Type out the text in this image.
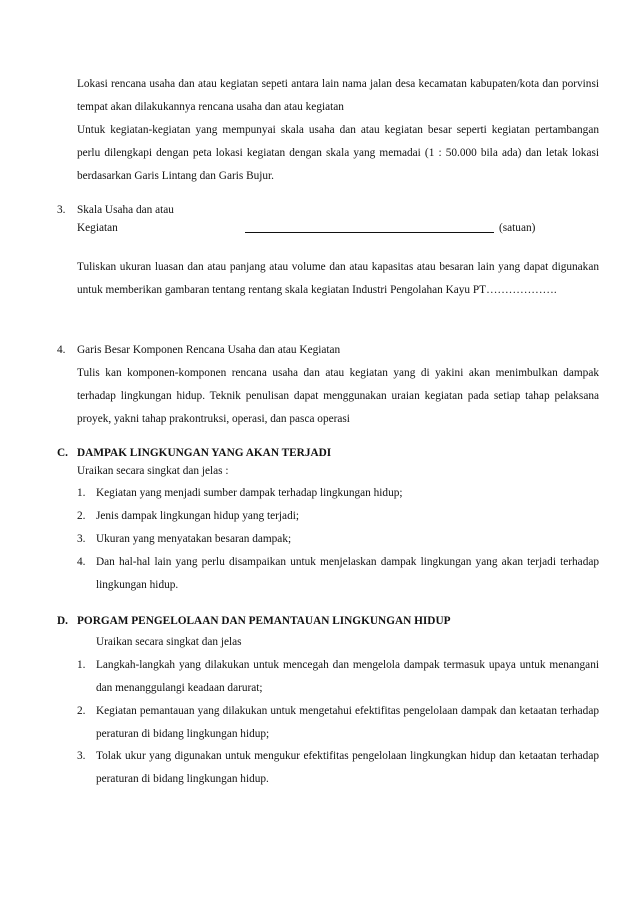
Lokasi rencana usaha dan atau kegiatan sepeti antara lain nama jalan desa kecamatan kabupaten/kota dan porvinsi tempat akan dilakukannya rencana usaha dan atau kegiatan
Untuk kegiatan-kegiatan yang mempunyai skala usaha dan atau kegiatan besar seperti kegiatan pertambangan perlu dilengkapi dengan peta lokasi kegiatan dengan skala yang memadai (1 : 50.000 bila ada) dan letak lokasi berdasarkan Garis Lintang dan Garis Bujur.
3. Skala Usaha dan atau
Kegiatan	(satuan)
Tuliskan ukuran luasan dan atau panjang atau volume dan atau kapasitas atau besaran lain yang dapat digunakan untuk memberikan gambaran tentang rentang skala kegiatan Industri Pengolahan Kayu PT……………….
4. Garis Besar Komponen Rencana Usaha dan atau Kegiatan
Tulis kan komponen-komponen rencana usaha dan atau kegiatan yang di yakini akan menimbulkan dampak terhadap lingkungan hidup. Teknik penulisan dapat menggunakan uraian kegiatan pada setiap tahap pelaksana proyek, yakni tahap prakontruksi, operasi, dan pasca operasi
C. DAMPAK LINGKUNGAN YANG AKAN TERJADI
Uraikan secara singkat dan jelas :
1. Kegiatan yang menjadi sumber dampak terhadap lingkungan hidup;
2. Jenis dampak lingkungan hidup yang terjadi;
3. Ukuran yang menyatakan besaran dampak;
4. Dan hal-hal lain yang perlu disampaikan untuk menjelaskan dampak lingkungan yang akan terjadi terhadap lingkungan hidup.
D. PORGAM PENGELOLAAN DAN PEMANTAUAN LINGKUNGAN HIDUP
Uraikan secara singkat dan jelas
1. Langkah-langkah yang dilakukan untuk mencegah dan mengelola dampak termasuk upaya untuk menangani dan menanggulangi keadaan darurat;
2. Kegiatan pemantauan yang dilakukan untuk mengetahui efektifitas pengelolaan dampak dan ketaatan terhadap peraturan di bidang lingkungan hidup;
3. Tolak ukur yang digunakan untuk mengukur efektifitas pengelolaan lingkungkan hidup dan ketaatan terhadap peraturan di bidang lingkungan hidup.
